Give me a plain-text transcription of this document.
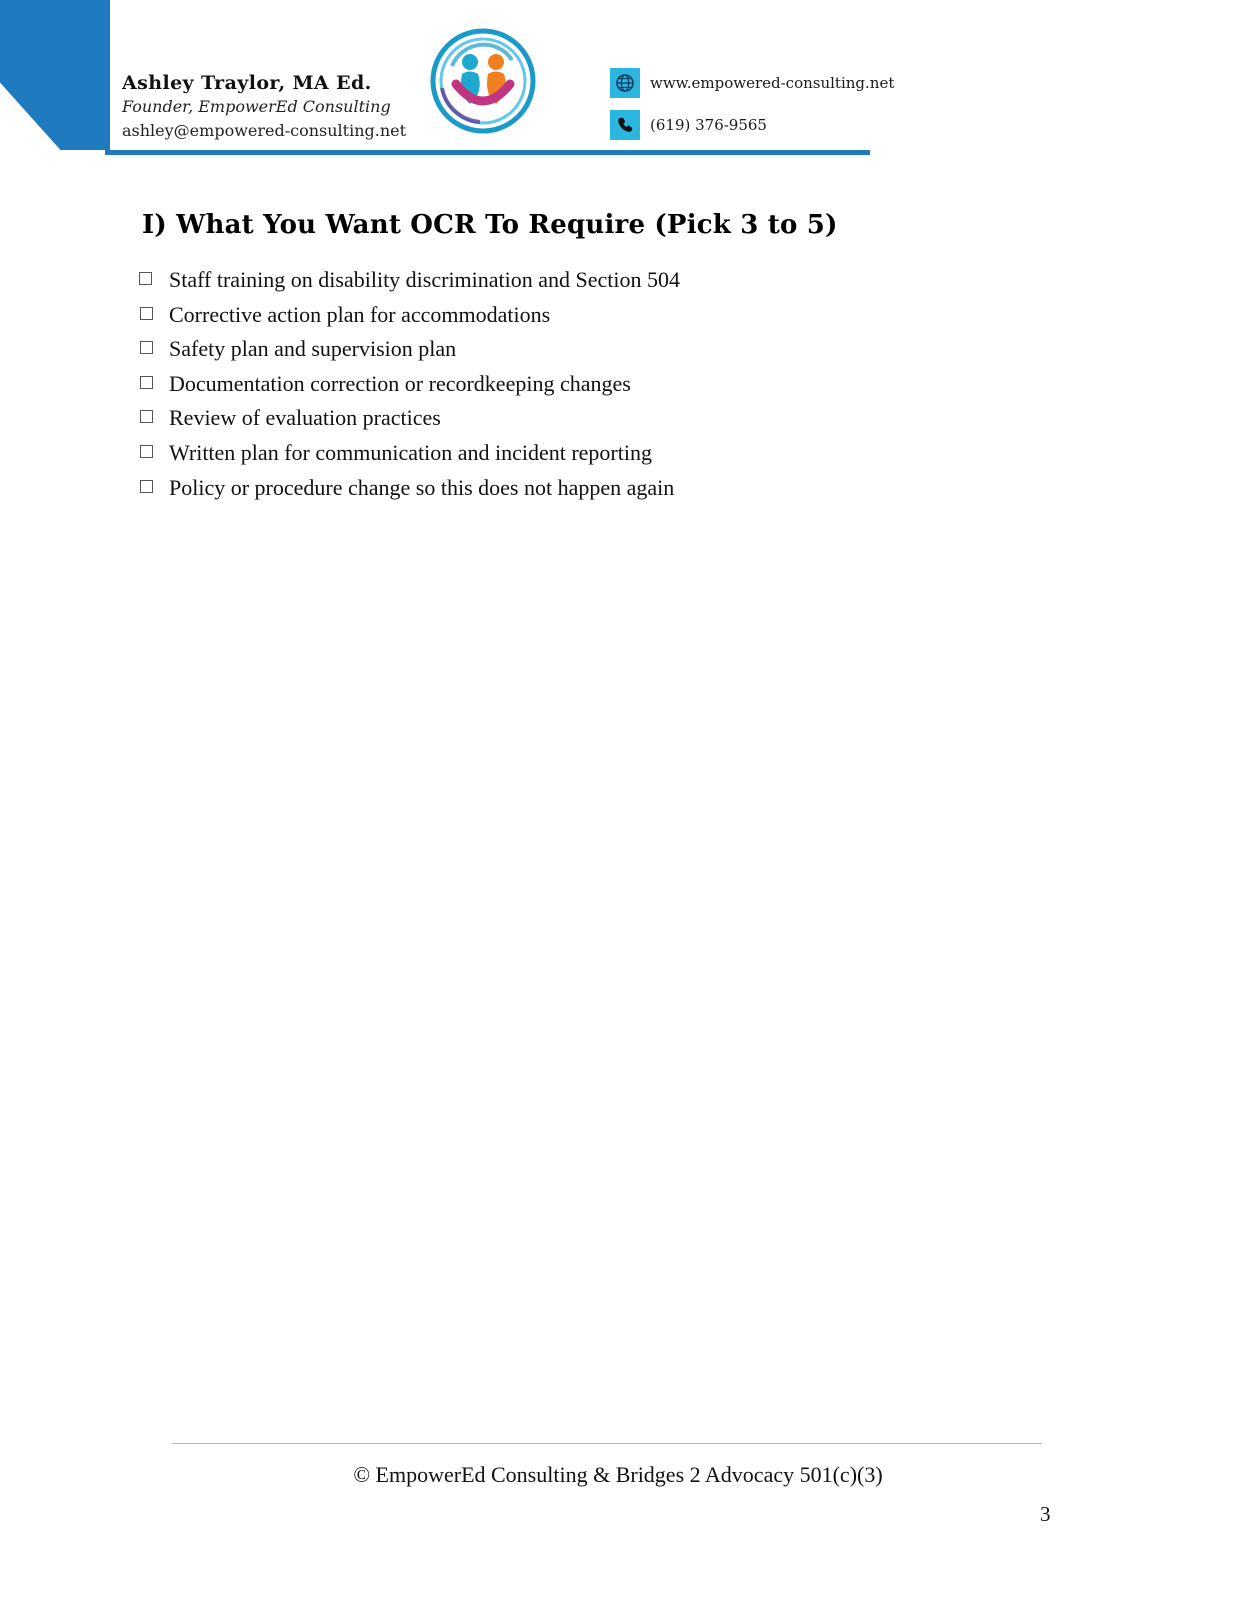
Ashley Traylor, MA Ed.

Founder, EmpowerEd Consulting

ashley@empowered-consulting.net

www.empowered-consulting.net
(619) 376-9565
I) What You Want OCR To Require (Pick 3 to 5)
Staff training on disability discrimination and Section 504
Corrective action plan for accommodations
Safety plan and supervision plan
Documentation correction or recordkeeping changes
Review of evaluation practices
Written plan for communication and incident reporting
Policy or procedure change so this does not happen again
© EmpowerEd Consulting & Bridges 2 Advocacy 501(c)(3)
3
